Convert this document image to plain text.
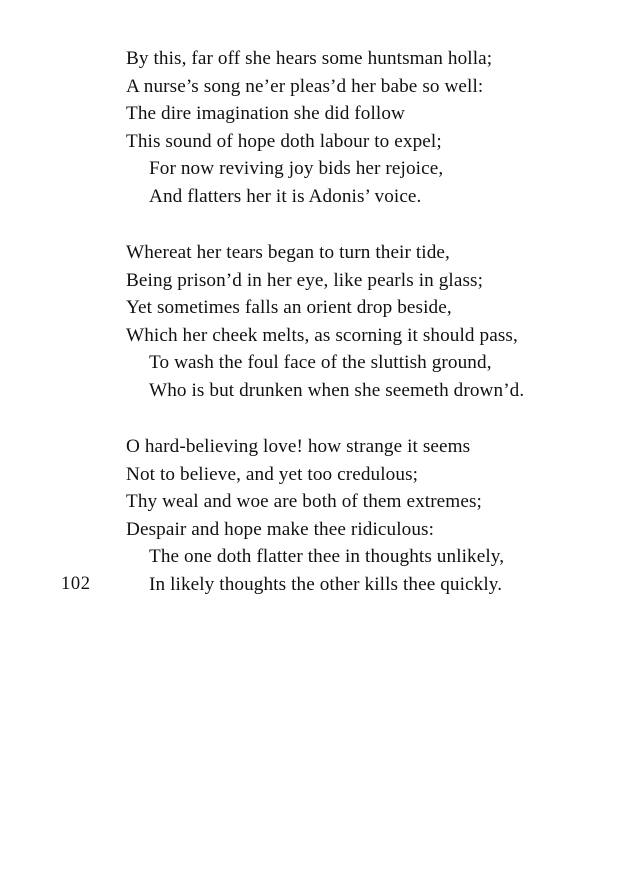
By this, far off she hears some huntsman holla;
A nurse’s song ne’er pleas’d her babe so well:
The dire imagination she did follow
This sound of hope doth labour to expel;
For now reviving joy bids her rejoice,
And flatters her it is Adonis’ voice.
Whereat her tears began to turn their tide,
Being prison’d in her eye, like pearls in glass;
Yet sometimes falls an orient drop beside,
Which her cheek melts, as scorning it should pass,
To wash the foul face of the sluttish ground,
Who is but drunken when she seemeth drown’d.
O hard-believing love! how strange it seems
Not to believe, and yet too credulous;
Thy weal and woe are both of them extremes;
Despair and hope make thee ridiculous:
The one doth flatter thee in thoughts unlikely,
In likely thoughts the other kills thee quickly.
102
